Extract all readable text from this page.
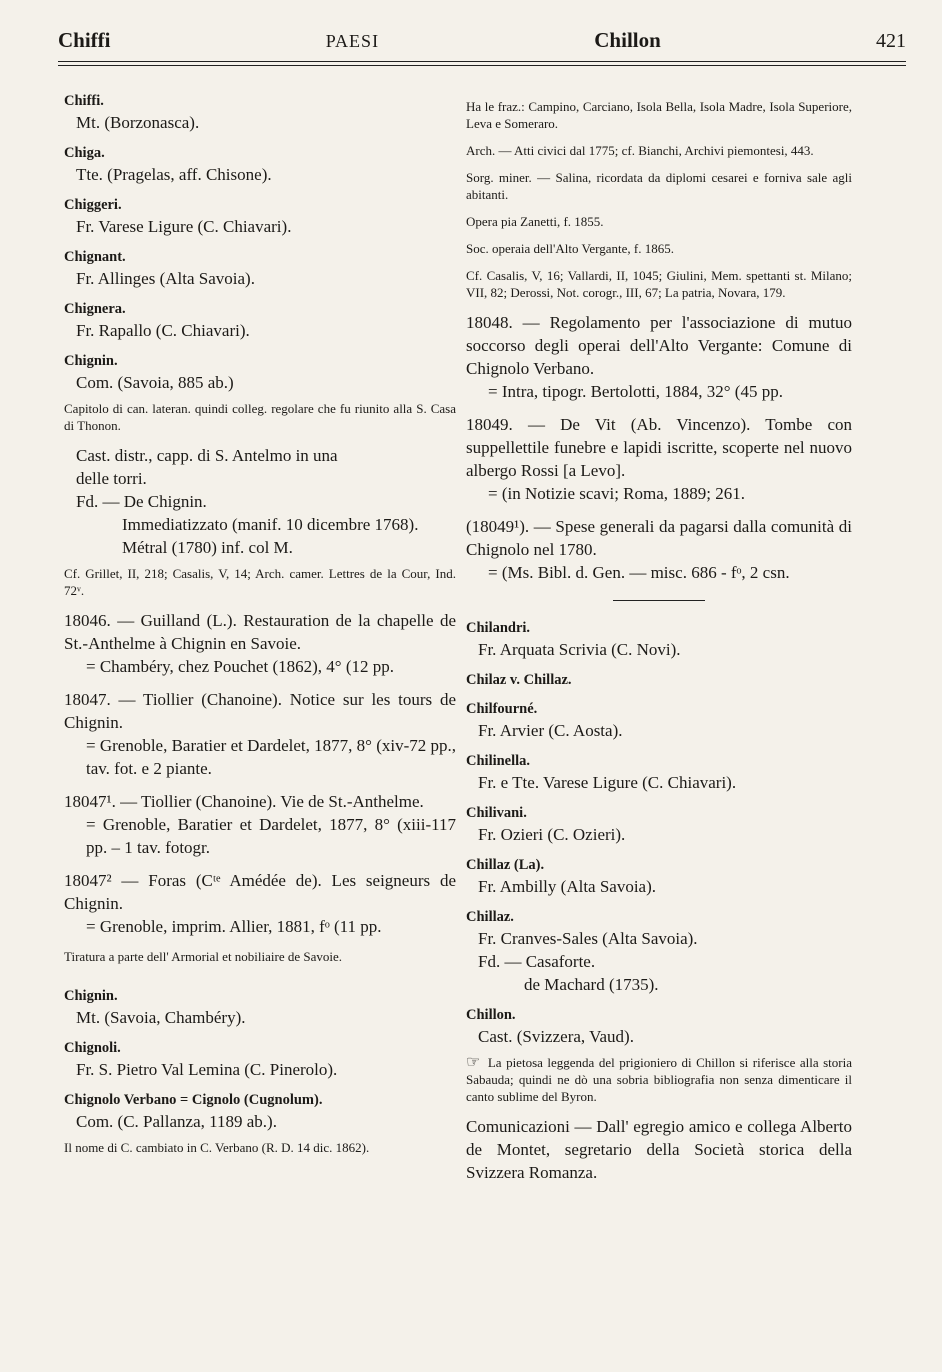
Chiffi	PAESI	Chillon	421
Chiffi.
Mt. (Borzonasca).
Chiga.
Tte. (Pragelas, aff. Chisone).
Chiggeri.
Fr. Varese Ligure (C. Chiavari).
Chignant.
Fr. Allinges (Alta Savoia).
Chignera.
Fr. Rapallo (C. Chiavari).
Chignin.
Com. (Savoia, 885 ab.)
Capitolo di can. lateran. quindi colleg. regolare che fu riunito alla S. Casa di Thonon.
Cast. distr., capp. di S. Antelmo in una
delle torri.
Fd. — De Chignin.
Immediatizzato (manif. 10 dicembre 1768).
Métral (1780) inf. col M.
Cf. Grillet, II, 218; Casalis, V, 14; Arch. camer. Lettres de la Cour, Ind. 72ᵛ.
18046. — Guilland (L.). Restauration de la chapelle de St.-Anthelme à Chignin en Savoie.
= Chambéry, chez Pouchet (1862), 4° (12 pp.
18047. — Tiollier (Chanoine). Notice sur les tours de Chignin.
= Grenoble, Baratier et Dardelet, 1877, 8° (xiv-72 pp., tav. fot. e 2 piante.
18047¹. — Tiollier (Chanoine). Vie de St.-Anthelme.
= Grenoble, Baratier et Dardelet, 1877, 8° (xiii-117 pp. – 1 tav. fotogr.
18047² — Foras (Cᵗᵉ Amédée de). Les seigneurs de Chignin.
= Grenoble, imprim. Allier, 1881, fᵒ (11 pp.
Tiratura a parte dell' Armorial et nobiliaire de Savoie.
Chignin.
Mt. (Savoia, Chambéry).
Chignoli.
Fr. S. Pietro Val Lemina (C. Pinerolo).
Chignolo Verbano = Cignolo (Cugnolum).
Com. (C. Pallanza, 1189 ab.).
Il nome di C. cambiato in C. Verbano (R. D. 14 dic. 1862).
Ha le fraz.: Campino, Carciano, Isola Bella, Isola Madre, Isola Superiore, Leva e Someraro.
Arch. — Atti civici dal 1775; cf. Bianchi, Archivi piemontesi, 443.
Sorg. miner. — Salina, ricordata da diplomi cesarei e forniva sale agli abitanti.
Opera pia Zanetti, f. 1855.
Soc. operaia dell'Alto Vergante, f. 1865.
Cf. Casalis, V, 16; Vallardi, II, 1045; Giulini, Mem. spettanti st. Milano; VII, 82; Derossi, Not. corogr., III, 67; La patria, Novara, 179.
18048. — Regolamento per l'associazione di mutuo soccorso degli operai dell'Alto Vergante: Comune di Chignolo Verbano.
= Intra, tipogr. Bertolotti, 1884, 32° (45 pp.
18049. — De Vit (Ab. Vincenzo). Tombe con suppellettile funebre e lapidi iscritte, scoperte nel nuovo albergo Rossi [a Levo].
= (in Notizie scavi; Roma, 1889; 261.
(18049¹). — Spese generali da pagarsi dalla comunità di Chignolo nel 1780.
= (Ms. Bibl. d. Gen. — misc. 686 - fᵒ, 2 csn.
Chilandri.
Fr. Arquata Scrivia (C. Novi).
Chilaz v. Chillaz.
Chilfourné.
Fr. Arvier (C. Aosta).
Chilinella.
Fr. e Tte. Varese Ligure (C. Chiavari).
Chilivani.
Fr. Ozieri (C. Ozieri).
Chillaz (La).
Fr. Ambilly (Alta Savoia).
Chillaz.
Fr. Cranves-Sales (Alta Savoia).
Fd. — Casaforte.
de Machard (1735).
Chillon.
Cast. (Svizzera, Vaud).
☞ La pietosa leggenda del prigioniero di Chillon si riferisce alla storia Sabauda; quindi ne dò una sobria bibliografia non senza dimenticare il canto sublime del Byron.
Comunicazioni — Dall' egregio amico e collega Alberto de Montet, segretario della Società storica della Svizzera Romanza.
